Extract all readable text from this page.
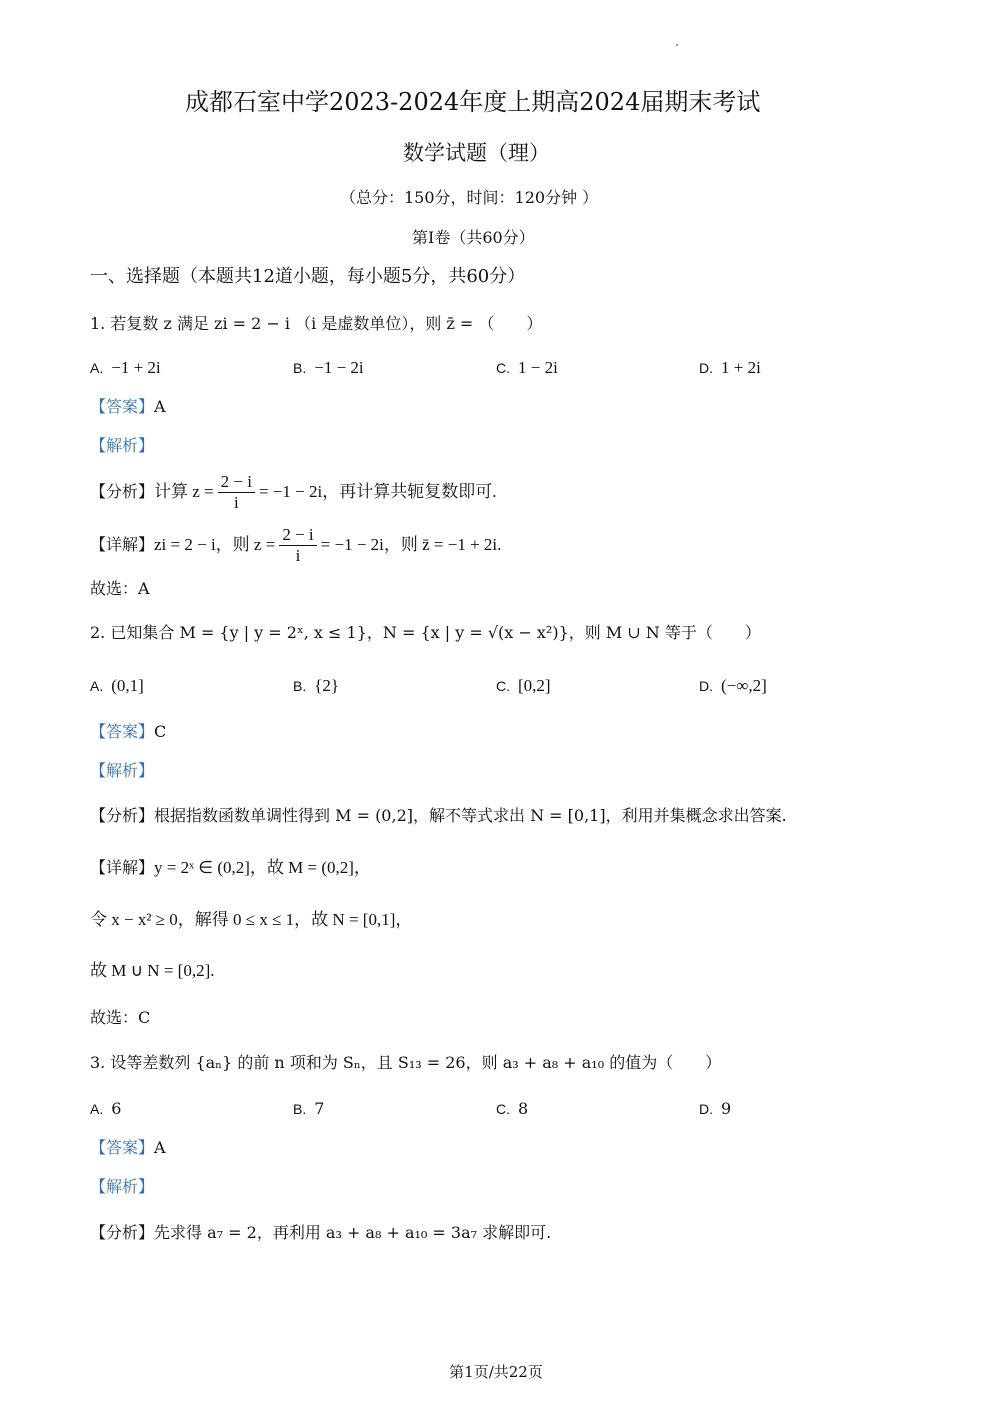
成都石室中学2023-2024年度上期高2024届期末考试
数学试题（理）
（总分：150分，时间：120分钟 ）
第I卷（共60分）
一、选择题（本题共12道小题，每小题5分，共60分）
1. 若复数 z 满足 zi = 2 − i （i 是虚数单位），则 z̄ = （　　）
A. −1 + 2i	B. −1 − 2i	C. 1 − 2i	D. 1 + 2i
【答案】A
【解析】
【分析】 计算 $z = \frac{2 - i}{i} = -1 - 2i$，再计算共轭复数即可.
【详解】 zi = 2 − i，则 $z = \frac{2 - i}{i} = -1 - 2i$，则 z̄ = −1 + 2i.
故选：A
2. 已知集合 M = {y | y = 2ˣ, x ≤ 1}，N = {x | y = √(x − x²)}，则 M ∪ N 等于（　　）
A. (0,1]	B. {2}	C. [0,2]	D. (−∞,2]
【答案】C
【解析】
【分析】根据指数函数单调性得到 M = (0,2]，解不等式求出 N = [0,1]，利用并集概念求出答案.
【详解】y = 2ˣ ∈ (0,2]，故 M = (0,2]，
令 x − x² ≥ 0，解得 0 ≤ x ≤ 1，故 N = [0,1]，
故 M ∪ N = [0,2].
故选：C
3. 设等差数列 {aₙ} 的前 n 项和为 Sₙ，且 S₁₃ = 26，则 a₃ + a₈ + a₁₀ 的值为（　　）
A. 6	B. 7	C. 8	D. 9
【答案】A
【解析】
【分析】先求得 a₇ = 2，再利用 a₃ + a₈ + a₁₀ = 3a₇ 求解即可.
第1页/共22页
